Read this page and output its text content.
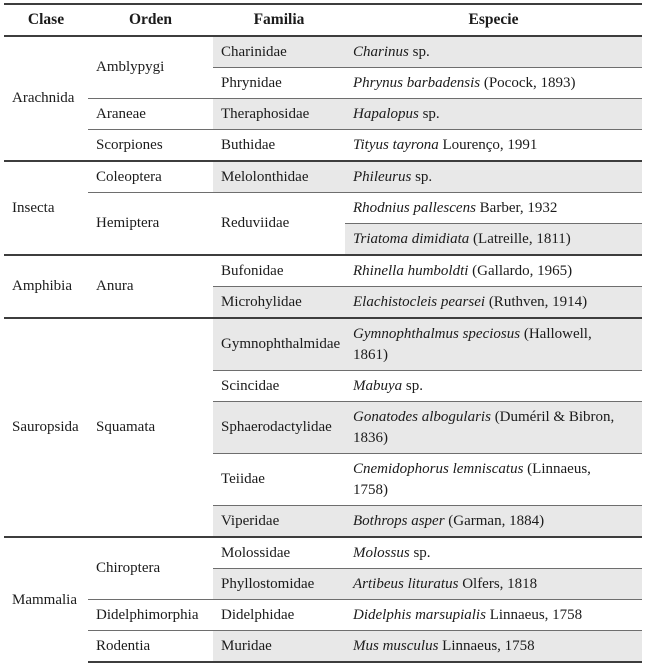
Clase	Orden	Familia	Especie
Arachnida	Amblypygi	Charinidae	Charinus sp.
		Phrynidae	Phrynus barbadensis (Pocock, 1893)
	Araneae	Theraphosidae	Hapalopus sp.
	Scorpiones	Buthidae	Tityus tayrona Lourenço, 1991
Insecta	Coleoptera	Melolonthidae	Phileurus sp.
	Hemiptera	Reduviidae	Rhodnius pallescens Barber, 1932
			Triatoma dimidiata (Latreille, 1811)
Amphibia	Anura	Bufonidae	Rhinella humboldti (Gallardo, 1965)
		Microhylidae	Elachistocleis pearsei (Ruthven, 1914)
Sauropsida	Squamata	Gymnophthalmidae	Gymnophthalmus speciosus (Hallowell,
1861)
		Scincidae	Mabuya sp.
		Sphaerodactylidae	Gonatodes albogularis (Duméril & Bibron,
1836)
		Teiidae	Cnemidophorus lemniscatus (Linnaeus,
1758)
		Viperidae	Bothrops asper (Garman, 1884)
Mammalia	Chiroptera	Molossidae	Molossus sp.
		Phyllostomidae	Artibeus lituratus Olfers, 1818
	Didelphimorphia	Didelphidae	Didelphis marsupialis Linnaeus, 1758
	Rodentia	Muridae	Mus musculus Linnaeus, 1758
